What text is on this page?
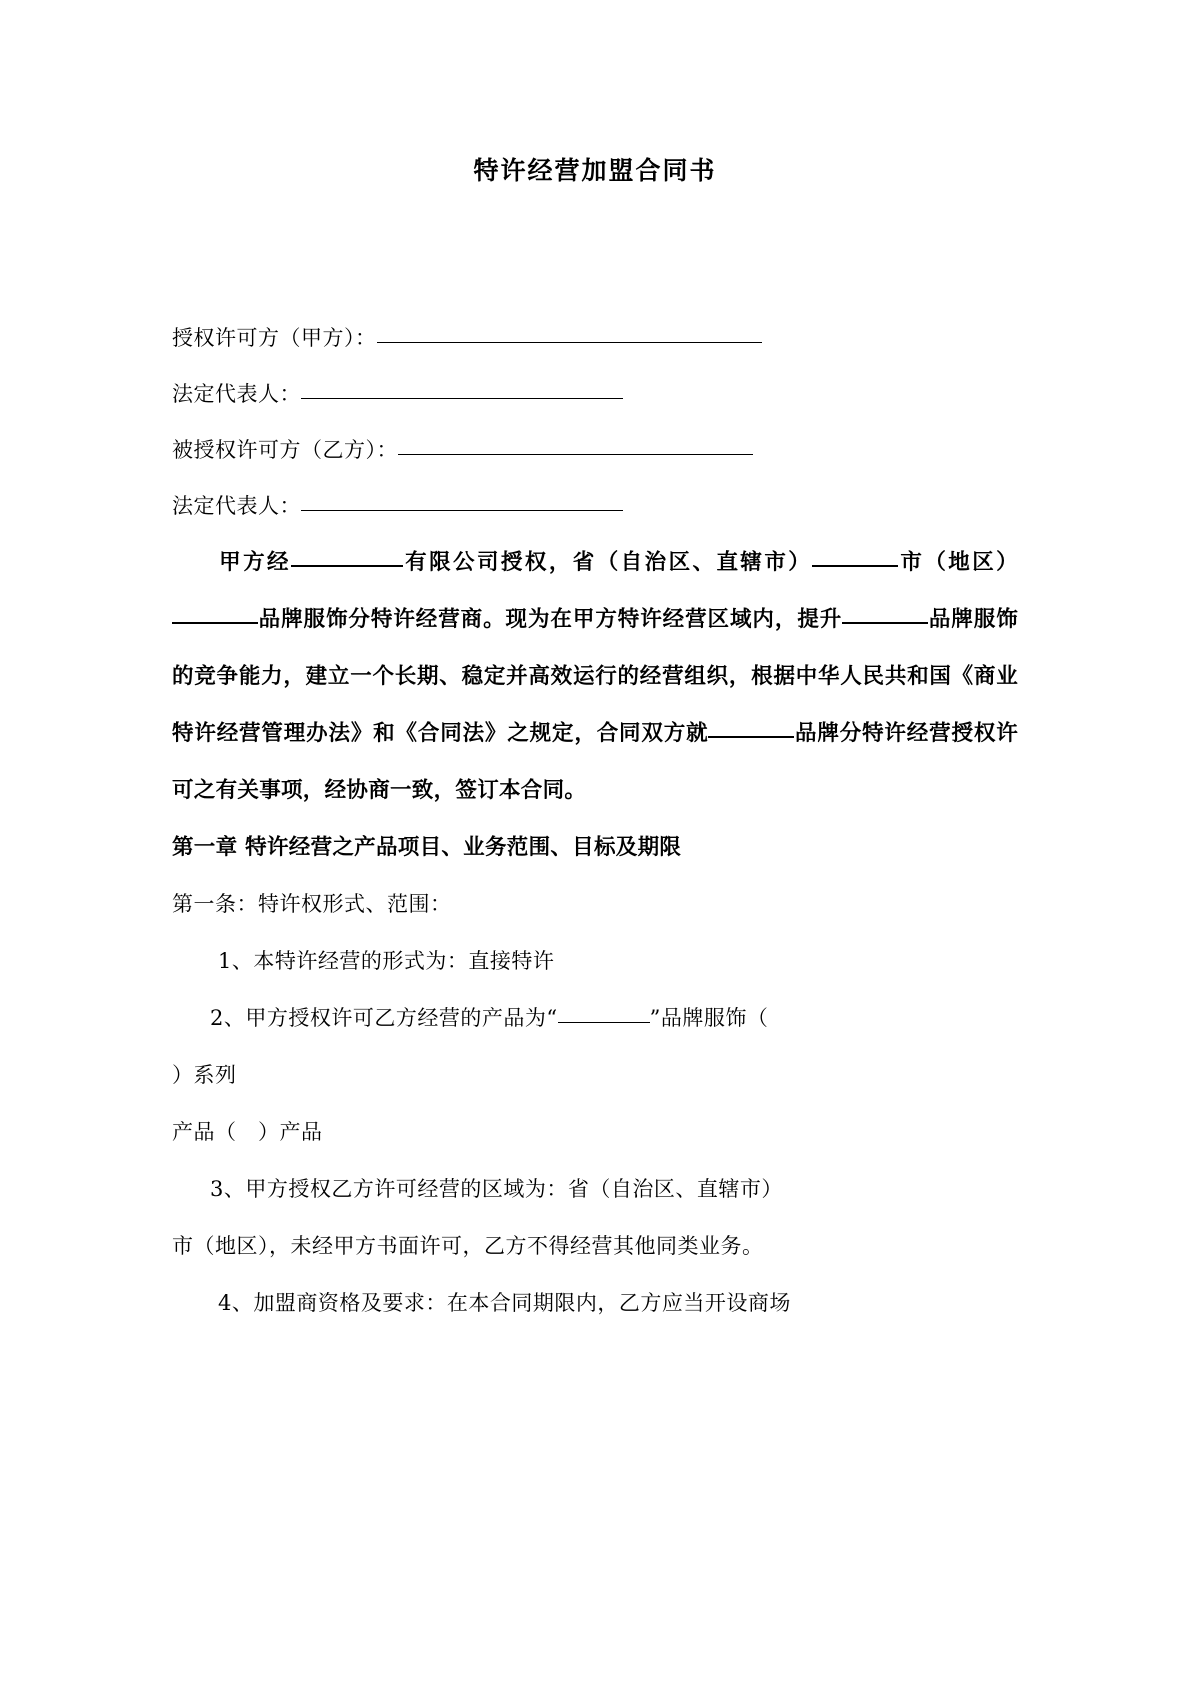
特许经营加盟合同书
授权许可方（甲方）：
法定代表人：
被授权许可方（乙方）：
法定代表人：

甲方经	有限公司授权，省（自治区、直辖市）	市（地区）品牌服饰分特许经营商。现为在甲方特许经营区域内，提升	品牌服饰的竞争能力，建立一个长期、稳定并高效运行的经营组织，根据中华人民共和国《商业特许经营管理办法》和《合同法》之规定，合同双方就	品牌分特许经营授权许可之有关事项，经协商一致，签订本合同。

第一章 特许经营之产品项目、业务范围、目标及期限

第一条：特许权形式、范围：

1、本特许经营的形式为：直接特许

2、甲方授权许可乙方经营的产品为“	”品牌服饰（

）系列

产品（   ）产品

3、甲方授权乙方许可经营的区域为：省（自治区、直辖市）

市（地区），未经甲方书面许可，乙方不得经营其他同类业务。

4、加盟商资格及要求：在本合同期限内，乙方应当开设商场
